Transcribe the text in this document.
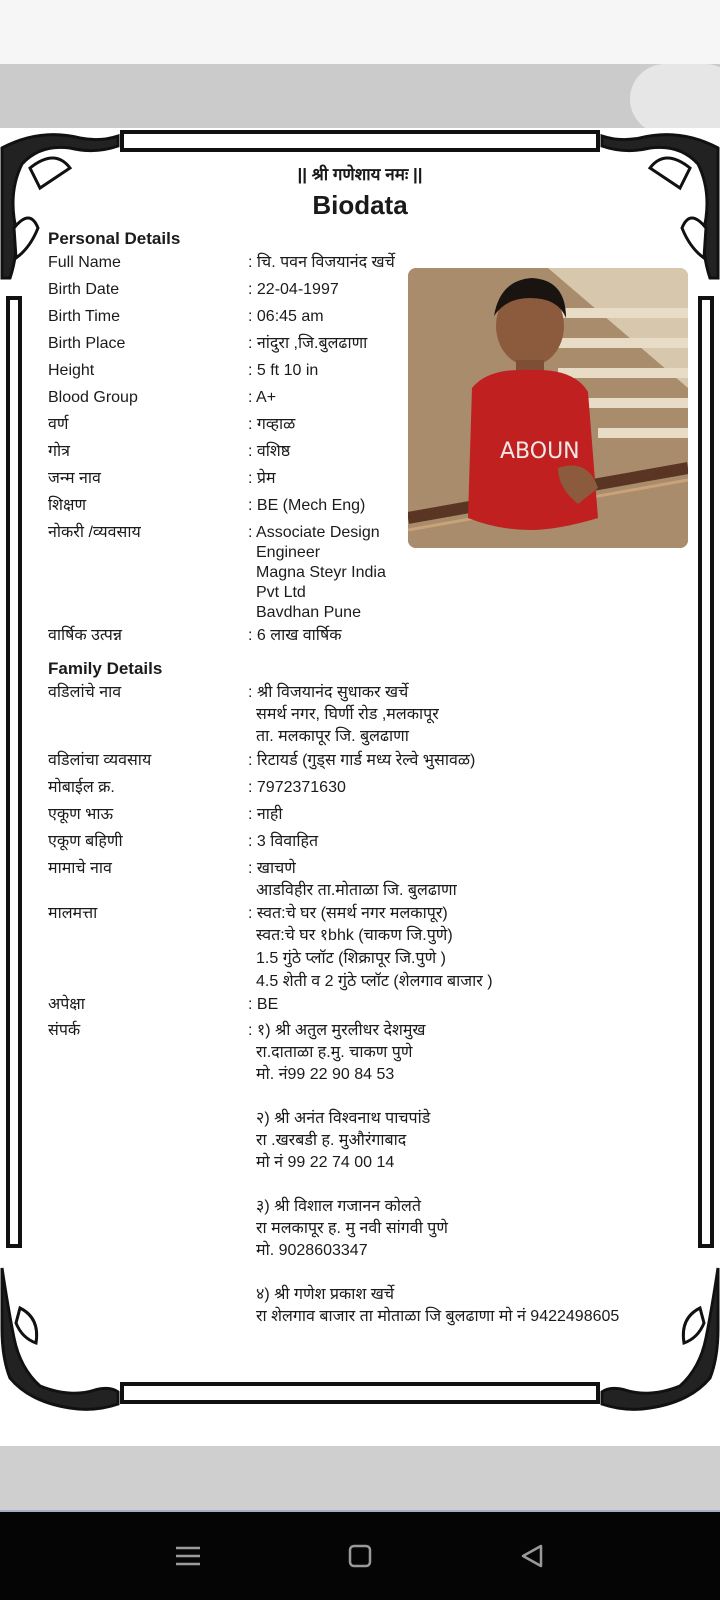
|| श्री गणेशाय नमः ||
Biodata
Personal Details
Full Name	: चि. पवन विजयानंद खर्चे
Birth Date	: 22-04-1997
Birth Time	: 06:45 am
Birth Place	: नांदुरा ,जि.बुलढाणा
Height	: 5 ft 10 in
Blood Group	: A+
वर्ण	: गव्हाळ
गोत्र	: वशिष्ठ
जन्म नाव	: प्रेम
शिक्षण	: BE (Mech Eng)
नोकरी /व्यवसाय	: Associate Design
Engineer
Magna Steyr India
Pvt Ltd
Bavdhan Pune
वार्षिक उत्पन्न	: 6 लाख वार्षिक
ABOUN
Family Details
वडिलांचे नाव	: श्री विजयानंद सुधाकर खर्चे
समर्थ नगर, घिर्णी रोड ,मलकापूर
ता. मलकापूर जि. बुलढाणा
वडिलांचा व्यवसाय	: रिटायर्ड (गुड्स गार्ड मध्य रेल्वे भुसावळ)
मोबाईल क्र.	: 7972371630
एकूण भाऊ	: नाही
एकूण बहिणी	: 3 विवाहित
मामाचे नाव	: खाचणे
आडविहीर ता.मोताळा जि. बुलढाणा
मालमत्ता	: स्वत:चे घर (समर्थ नगर मलकापूर)
स्वत:चे घर १bhk (चाकण जि.पुणे)
1.5 गुंठे प्लॉट (शिक्रापूर जि.पुणे )
4.5 शेती व 2 गुंठे प्लॉट (शेलगाव बाजार )
अपेक्षा	: BE
संपर्क	: १) श्री अतुल मुरलीधर देशमुख
रा.दाताळा ह.मु. चाकण पुणे
मो. नं99 22 90 84 53
२) श्री अनंत विश्वनाथ पाचपांडे
रा .खरबडी ह. मुऔरंगाबाद
मो नं 99 22 74 00 14
३) श्री विशाल गजानन कोलते
रा मलकापूर ह. मु नवी सांगवी पुणे
मो. 9028603347
४) श्री गणेश प्रकाश खर्चे
रा शेलगाव बाजार ता मोताळा जि बुलढाणा मो नं 9422498605
